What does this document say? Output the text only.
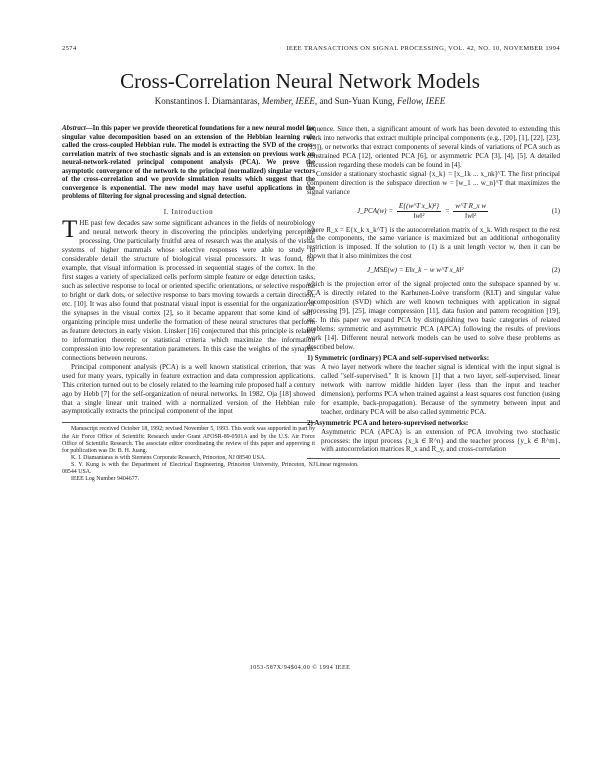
2574	IEEE TRANSACTIONS ON SIGNAL PROCESSING, VOL. 42, NO. 10, NOVEMBER 1994
Cross-Correlation Neural Network Models
Konstantinos I. Diamantaras, Member, IEEE, and Sun-Yuan Kung, Fellow, IEEE

Abstract—In this paper we provide theoretical foundations for a new neural model for singular value decomposition based on an extension of the Hebbian learning rule called the cross-coupled Hebbian rule. The model is extracting the SVD of the cross-correlation matrix of two stochastic signals and is an extension on previous work on neural-network-related principal component analysis (PCA). We prove the asymptotic convergence of the network to the principal (normalized) singular vectors of the cross-correlation and we provide simulation results which suggest that the convergence is exponential. The new model may have useful applications in the problems of filtering for signal processing and signal detection.

I. Introduction

THE past few decades saw some significant advances in the fields of neurobiology and neural network theory in discovering the principles underlying perceptual processing. One particularly fruitful area of research was the analysis of the visual systems of higher mammals whose selective responses were able to study in considerable detail the structure of biological visual processors. It was found, for example, that visual information is processed in sequential stages of the cortex. In the first stages a variety of specialized cells perform simple feature or edge detection tasks, such as selective response to local or oriented specific orientations, or selective response to bright or dark dots, or selective response to bars moving towards a certain direction, etc. [10]. It was also found that postnatal visual input is essential for the organization of the synapses in the visual cortex [2], so it became apparent that some kind of self-organizing principle must underlie the formation of these neural structures that perform as feature detectors in early vision. Linsker [16] conjectured that this principle is related to information theoretic or statistical criteria which maximize the information compression into low representation parameters. In this case the weights of the synaptic connections between neurons.

Principal component analysis (PCA) is a well known statistical criterion, that was used for many years, typically in feature extraction and data compression applications. This criterion turned out to be closely related to the learning rule proposed half a century ago by Hebb [7] for the self-organization of neural networks. In 1982, Oja [18] showed that a single linear unit trained with a normalized version of the Hebbian rule asymptotically extracts the principal component of the input

Manuscript received October 18, 1992; revised November 5, 1993. This work was supported in part by the Air Force Office of Scientific Research under Grant AFOSR-89-0501A and by the U.S. Air Force Office of Scientific Research. The associate editor coordinating the review of this paper and approving it for publication was Dr. B. H. Juang.

K. I. Diamantaras is with Siemens Corporate Research, Princeton, NJ 08540 USA.

S. Y. Kung is with the Department of Electrical Engineering, Princeton University, Princeton, NJ 08544 USA.

IEEE Log Number 9404677.

sequence. Since then, a significant amount of work has been devoted to extending this work into networks that extract multiple principal components (e.g., [20], [1], [22], [23], [13]), or networks that extract components of several kinds of variations of PCA such as constrained PCA [12], oriented PCA [6], or asymmetric PCA [3], [4], [5]. A detailed discussion regarding these models can be found in [4].

Consider a stationary stochastic signal {x_k} = [x_1k ... x_nk]^T. The first principal component direction is the subspace direction w = [w_1 ... w_n]^T that maximizes the signal variance

J_PCA(w) = $\frac{\text{E\{(w\textasciicircum{}T x\_k)²\}}}{\text{‖w‖²}} = \frac{\text{w\textasciicircum{}T R\_x w}}{\text{‖w‖²}}$	(1)

where R_x = E{x_k x_k^T} is the autocorrelation matrix of x_k. With respect to the rest of the components, the same variance is maximized but an additional orthogonality restriction is imposed. If the solution to (1) is a unit length vector w, then it can be shown that it also minimizes the cost

J_MSE(w) = E‖x_k − w w^T x_k‖²	(2)

which is the projection error of the signal projected onto the subspace spanned by w. PCA is directly related to the Karhunen-Loève transform (KLT) and singular value decomposition (SVD) which are well known techniques with application in signal processing [9], [25], image compression [11], data fusion and pattern recognition [19], etc. In this paper we expand PCA by distinguishing two basic categories of related problems: symmetric and asymmetric PCA (APCA) following the results of previous work [14]. Different neural network models can be used to solve these problems as described below.

1) Symmetric (ordinary) PCA and self-supervised networks:

A two layer network where the teacher signal is identical with the input signal is called "self-supervised." It is known [1] that a two layer, self-supervised, linear network with narrow middle hidden layer (less than the input and teacher dimension), performs PCA when trained against a least squares cost function (using for example, back-propagation). Because of the symmetry between input and teacher, ordinary PCA will be also called symmetric PCA.

2) Asymmetric PCA and hetero-supervised networks:

Asymmetric PCA (APCA) is an extension of PCA involving two stochastic processes: the input process {x_k ∈ R^n} and the teacher process {y_k ∈ R^m}, with autocorrelation matrices R_x and R_y, and cross-correlation

Linear regression.

1053-587X/94$04.00 © 1994 IEEE
